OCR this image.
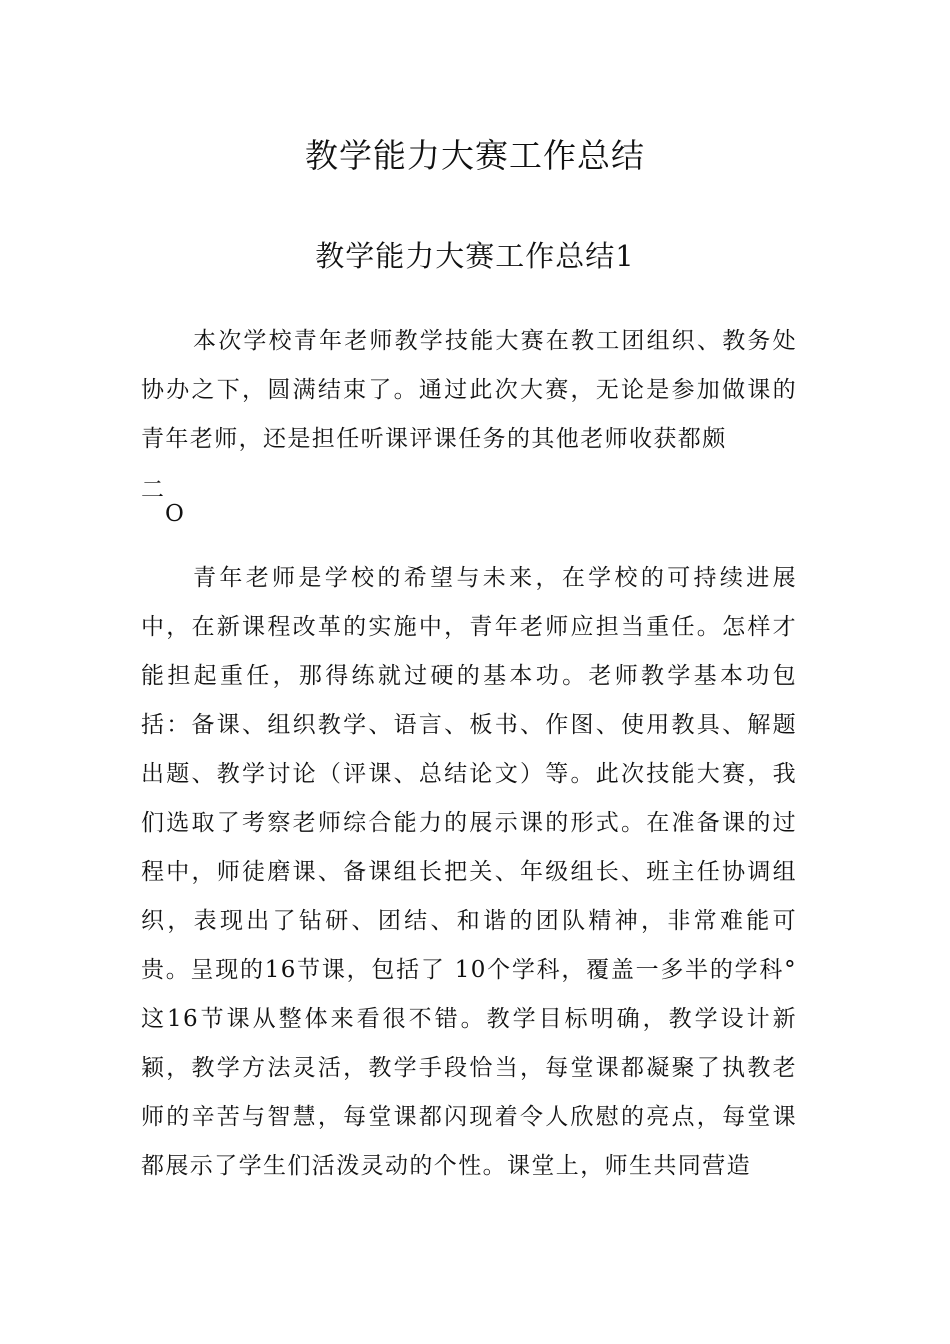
教学能力大赛工作总结
教学能力大赛工作总结1

本次学校青年老师教学技能大赛在教工团组织、教务处协办之下，圆满结束了。通过此次大赛，无论是参加做课的青年老师，还是担任听课评课任务的其他老师收获都颇

二
O

青年老师是学校的希望与未来，在学校的可持续进展中，在新课程改革的实施中，青年老师应担当重任。怎样才能担起重任，那得练就过硬的基本功。老师教学基本功包括：备课、组织教学、语言、板书、作图、使用教具、解题出题、教学讨论（评课、总结论文）等。此次技能大赛，我们选取了考察老师综合能力的展示课的形式。在准备课的过程中，师徒磨课、备课组长把关、年级组长、班主任协调组织，表现出了钻研、团结、和谐的团队精神，非常难能可贵。呈现的16节课，包括了 10个学科，覆盖一多半的学科°这16节课从整体来看很不错。教学目标明确，教学设计新颖，教学方法灵活，教学手段恰当，每堂课都凝聚了执教老师的辛苦与智慧，每堂课都闪现着令人欣慰的亮点，每堂课都展示了学生们活泼灵动的个性。课堂上，师生共同营造
